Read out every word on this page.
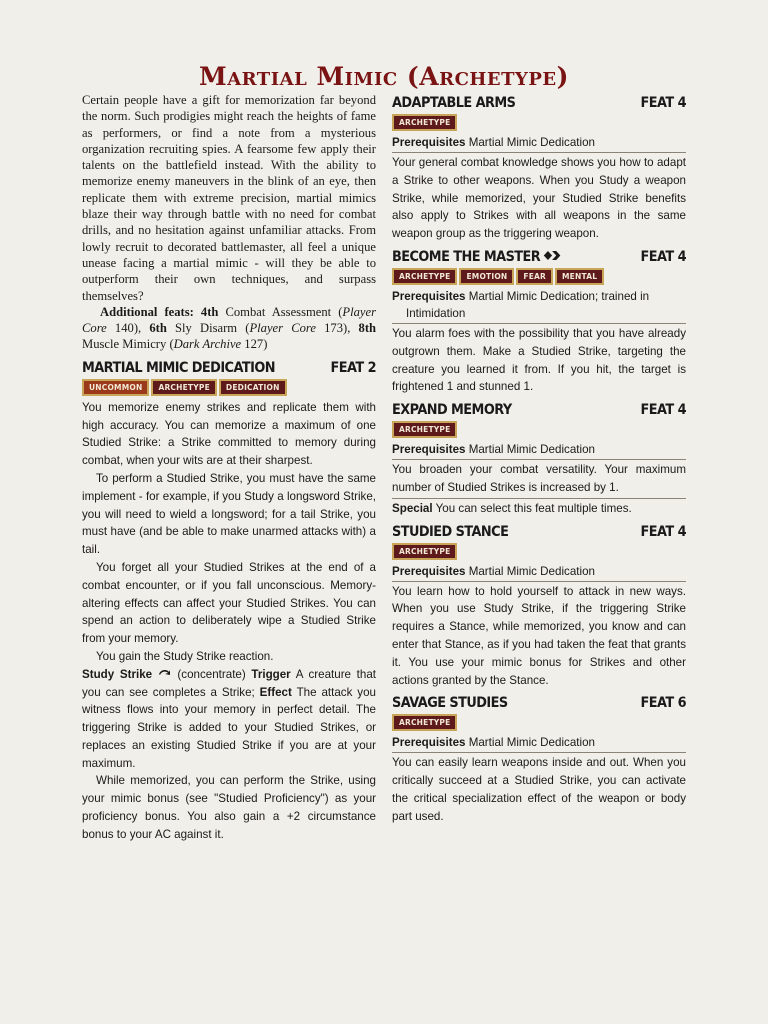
Martial Mimic (Archetype)

Certain people have a gift for memorization far beyond the norm. Such prodigies might reach the heights of fame as performers, or find a note from a mysterious organization recruiting spies. A fearsome few apply their talents on the battlefield instead. With the ability to memorize enemy maneuvers in the blink of an eye, then replicate them with extreme precision, martial mimics blaze their way through battle with no need for combat drills, and no hesitation against unfamiliar attacks. From lowly recruit to decorated battlemaster, all feel a unique unease facing a martial mimic - will they be able to outperform their own techniques, and surpass themselves?

Additional feats: 4th Combat Assessment (Player Core 140), 6th Sly Disarm (Player Core 173), 8th Muscle Mimicry (Dark Archive 127)

MARTIAL MIMIC DEDICATION	FEAT 2
UNCOMMON	ARCHETYPE	DEDICATION

You memorize enemy strikes and replicate them with high accuracy. You can memorize a maximum of one Studied Strike: a Strike committed to memory during combat, when your wits are at their sharpest.

To perform a Studied Strike, you must have the same implement - for example, if you Study a longsword Strike, you will need to wield a longsword; for a tail Strike, you must have (and be able to make unarmed attacks with) a tail.

You forget all your Studied Strikes at the end of a combat encounter, or if you fall unconscious. Memory-altering effects can affect your Studied Strikes. You can spend an action to deliberately wipe a Studied Strike from your memory.

You gain the Study Strike reaction.

Study Strike  (concentrate) Trigger A creature that you can see completes a Strike; Effect The attack you witness flows into your memory in perfect detail. The triggering Strike is added to your Studied Strikes, or replaces an existing Studied Strike if you are at your maximum.

While memorized, you can perform the Strike, using your mimic bonus (see "Studied Proficiency") as your proficiency bonus. You also gain a +2 circumstance bonus to your AC against it.

ADAPTABLE ARMS	FEAT 4
ARCHETYPE

Prerequisites Martial Mimic Dedication

Your general combat knowledge shows you how to adapt a Strike to other weapons. When you Study a weapon Strike, while memorized, your Studied Strike benefits also apply to Strikes with all weapons in the same weapon group as the triggering weapon.

BECOME THE MASTER	FEAT 4
ARCHETYPE	EMOTION	FEAR	MENTAL

Prerequisites Martial Mimic Dedication; trained in
Intimidation

You alarm foes with the possibility that you have already outgrown them. Make a Studied Strike, targeting the creature you learned it from. If you hit, the target is frightened 1 and stunned 1.

EXPAND MEMORY	FEAT 4
ARCHETYPE

Prerequisites Martial Mimic Dedication

You broaden your combat versatility. Your maximum number of Studied Strikes is increased by 1.

Special You can select this feat multiple times.

STUDIED STANCE	FEAT 4
ARCHETYPE

Prerequisites Martial Mimic Dedication

You learn how to hold yourself to attack in new ways. When you use Study Strike, if the triggering Strike requires a Stance, while memorized, you know and can enter that Stance, as if you had taken the feat that grants it. You use your mimic bonus for Strikes and other actions granted by the Stance.

SAVAGE STUDIES	FEAT 6
ARCHETYPE

Prerequisites Martial Mimic Dedication

You can easily learn weapons inside and out. When you critically succeed at a Studied Strike, you can activate the critical specialization effect of the weapon or body part used.
